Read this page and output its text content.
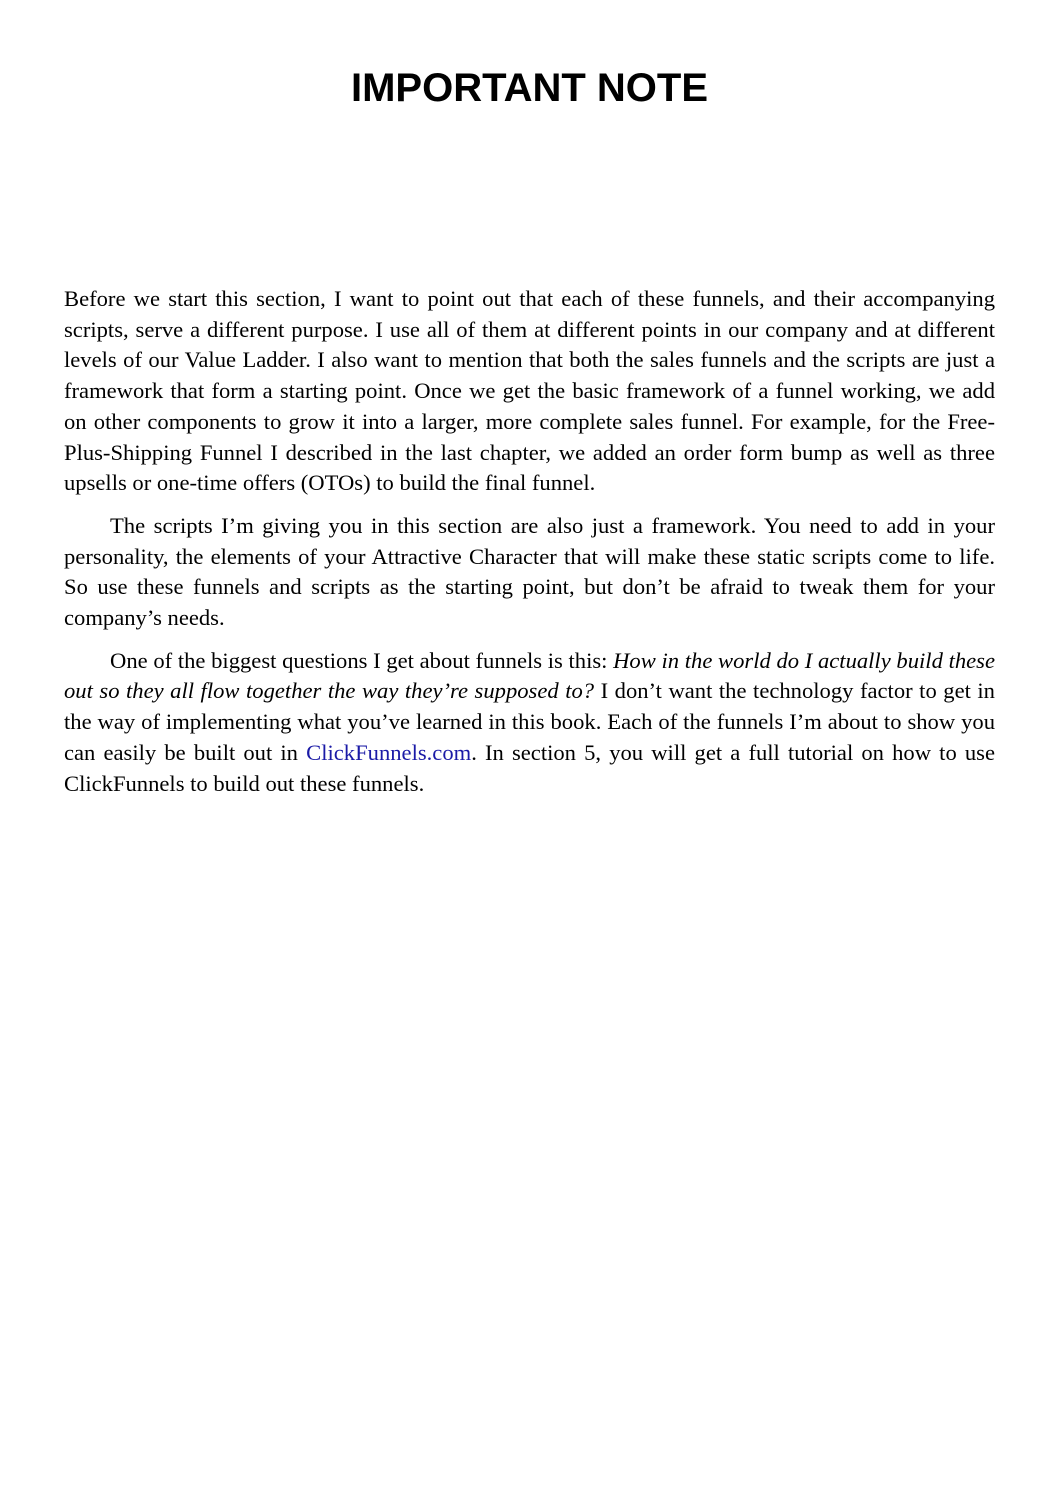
IMPORTANT NOTE

Before we start this section, I want to point out that each of these funnels, and their accompanying scripts, serve a different purpose. I use all of them at different points in our company and at different levels of our Value Ladder. I also want to mention that both the sales funnels and the scripts are just a framework that form a starting point. Once we get the basic framework of a funnel working, we add on other components to grow it into a larger, more complete sales funnel. For example, for the Free-Plus-Shipping Funnel I described in the last chapter, we added an order form bump as well as three upsells or one-time offers (OTOs) to build the final funnel.

The scripts I’m giving you in this section are also just a framework. You need to add in your personality, the elements of your Attractive Character that will make these static scripts come to life. So use these funnels and scripts as the starting point, but don’t be afraid to tweak them for your company’s needs.

One of the biggest questions I get about funnels is this: How in the world do I actually build these out so they all flow together the way they’re supposed to? I don’t want the technology factor to get in the way of implementing what you’ve learned in this book. Each of the funnels I’m about to show you can easily be built out in ClickFunnels.com. In section 5, you will get a full tutorial on how to use ClickFunnels to build out these funnels.
